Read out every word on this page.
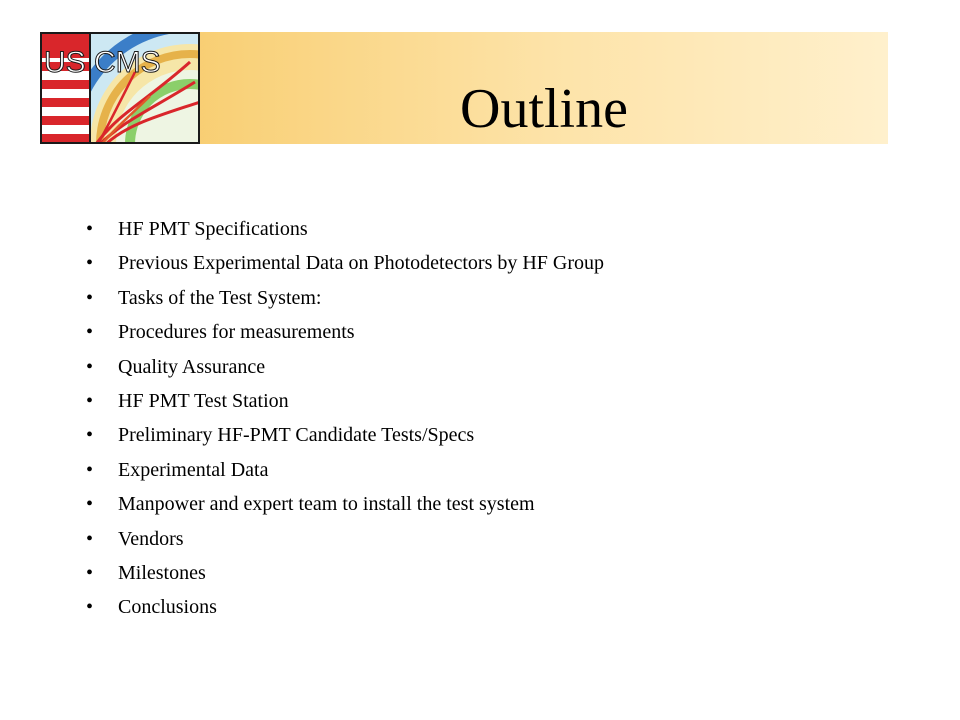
US CMS
Outline
•	HF PMT Specifications
•	Previous Experimental Data on Photodetectors by HF Group
•	Tasks of the Test System:
•	Procedures for measurements
•	Quality Assurance
•	HF PMT Test Station
•	Preliminary HF-PMT Candidate Tests/Specs
•	Experimental Data
•	Manpower and expert team to install the test system
•	Vendors
•	Milestones
•	Conclusions
